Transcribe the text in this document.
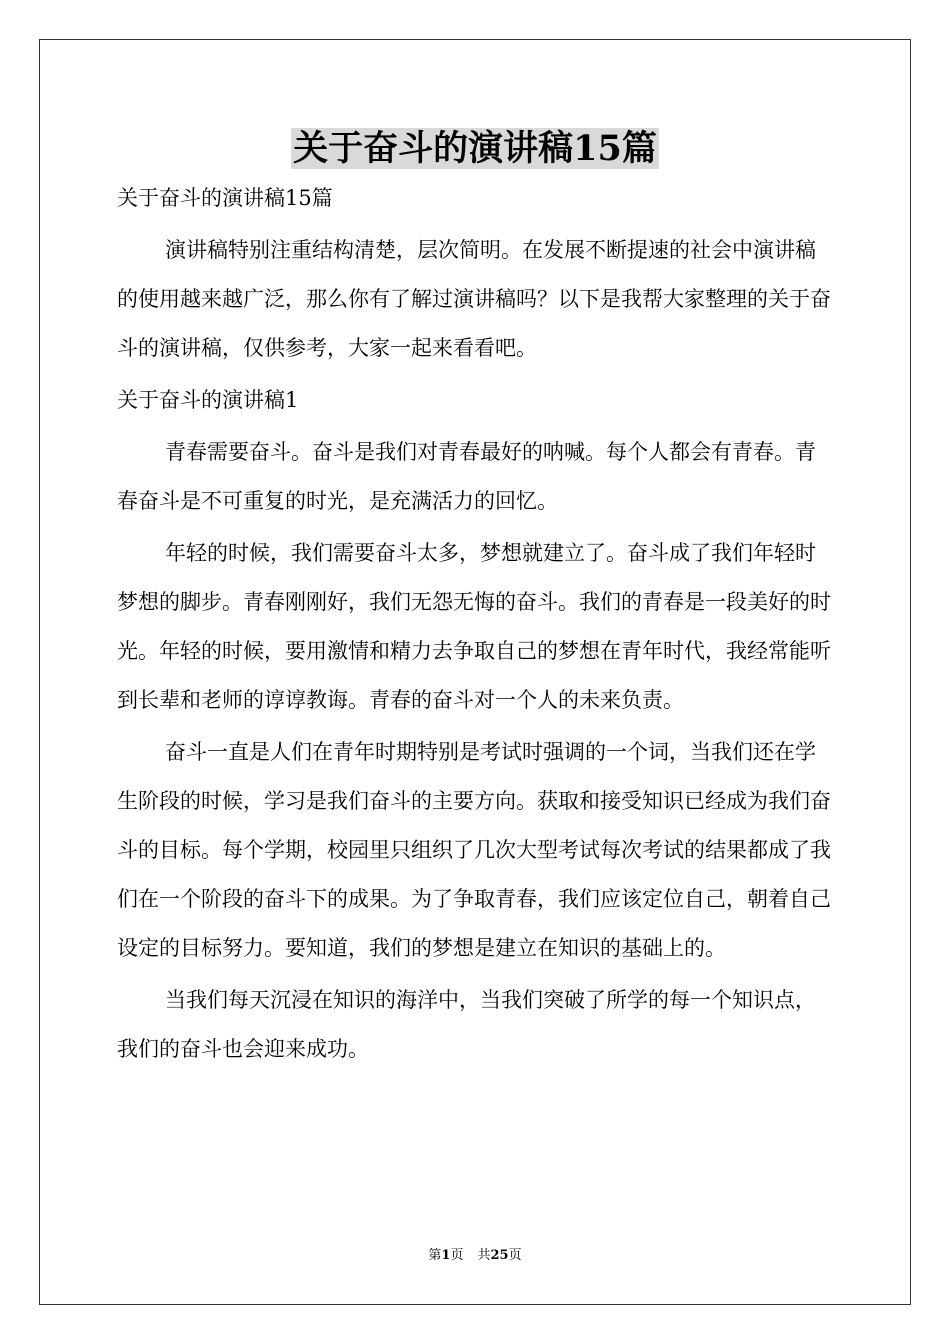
关于奋斗的演讲稿15篇

关于奋斗的演讲稿15篇

演讲稿特别注重结构清楚，层次简明。在发展不断提速的社会中演讲稿的使用越来越广泛，那么你有了解过演讲稿吗？以下是我帮大家整理的关于奋斗的演讲稿，仅供参考，大家一起来看看吧。

关于奋斗的演讲稿1

青春需要奋斗。奋斗是我们对青春最好的呐喊。每个人都会有青春。青春奋斗是不可重复的时光，是充满活力的回忆。

年轻的时候，我们需要奋斗太多，梦想就建立了。奋斗成了我们年轻时梦想的脚步。青春刚刚好，我们无怨无悔的奋斗。我们的青春是一段美好的时光。年轻的时候，要用激情和精力去争取自己的梦想在青年时代，我经常能听到长辈和老师的谆谆教诲。青春的奋斗对一个人的未来负责。

奋斗一直是人们在青年时期特别是考试时强调的一个词，当我们还在学生阶段的时候，学习是我们奋斗的主要方向。获取和接受知识已经成为我们奋斗的目标。每个学期，校园里只组织了几次大型考试每次考试的结果都成了我们在一个阶段的奋斗下的成果。为了争取青春，我们应该定位自己，朝着自己设定的目标努力。要知道，我们的梦想是建立在知识的基础上的。

当我们每天沉浸在知识的海洋中，当我们突破了所学的每一个知识点，我们的奋斗也会迎来成功。

第1页 共25页
